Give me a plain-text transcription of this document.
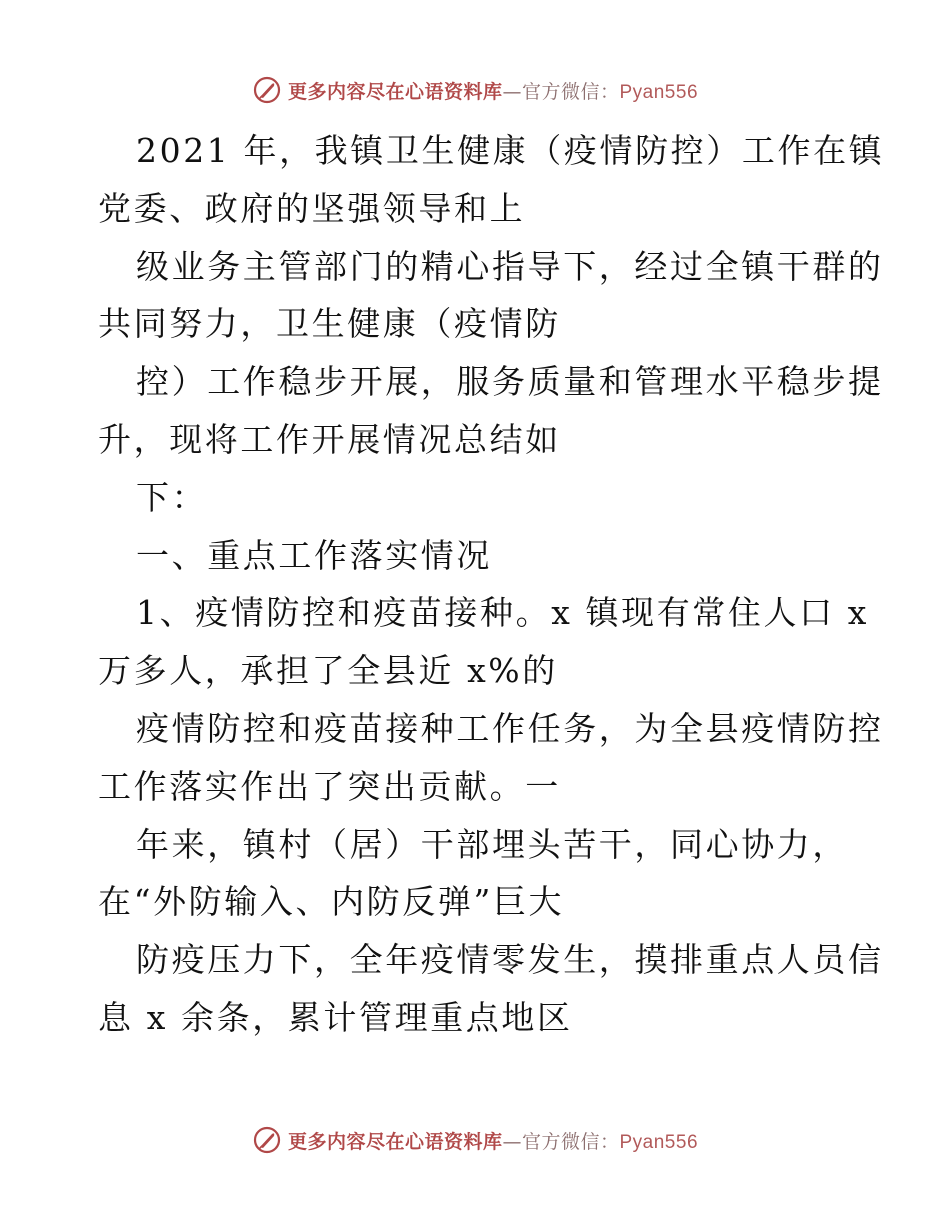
更多内容尽在心语资料库—官方微信：Pyan556
2021 年，我镇卫生健康（疫情防控）工作在镇
党委、政府的坚强领导和上
级业务主管部门的精心指导下，经过全镇干群的
共同努力，卫生健康（疫情防
控）工作稳步开展，服务质量和管理水平稳步提
升，现将工作开展情况总结如
下：
一、重点工作落实情况
1、疫情防控和疫苗接种。x 镇现有常住人口 x
万多人，承担了全县近 x%的
疫情防控和疫苗接种工作任务，为全县疫情防控
工作落实作出了突出贡献。一
年来，镇村（居）干部埋头苦干，同心协力，
在“外防输入、内防反弹”巨大
防疫压力下，全年疫情零发生，摸排重点人员信
息 x 余条，累计管理重点地区
更多内容尽在心语资料库—官方微信：Pyan556
